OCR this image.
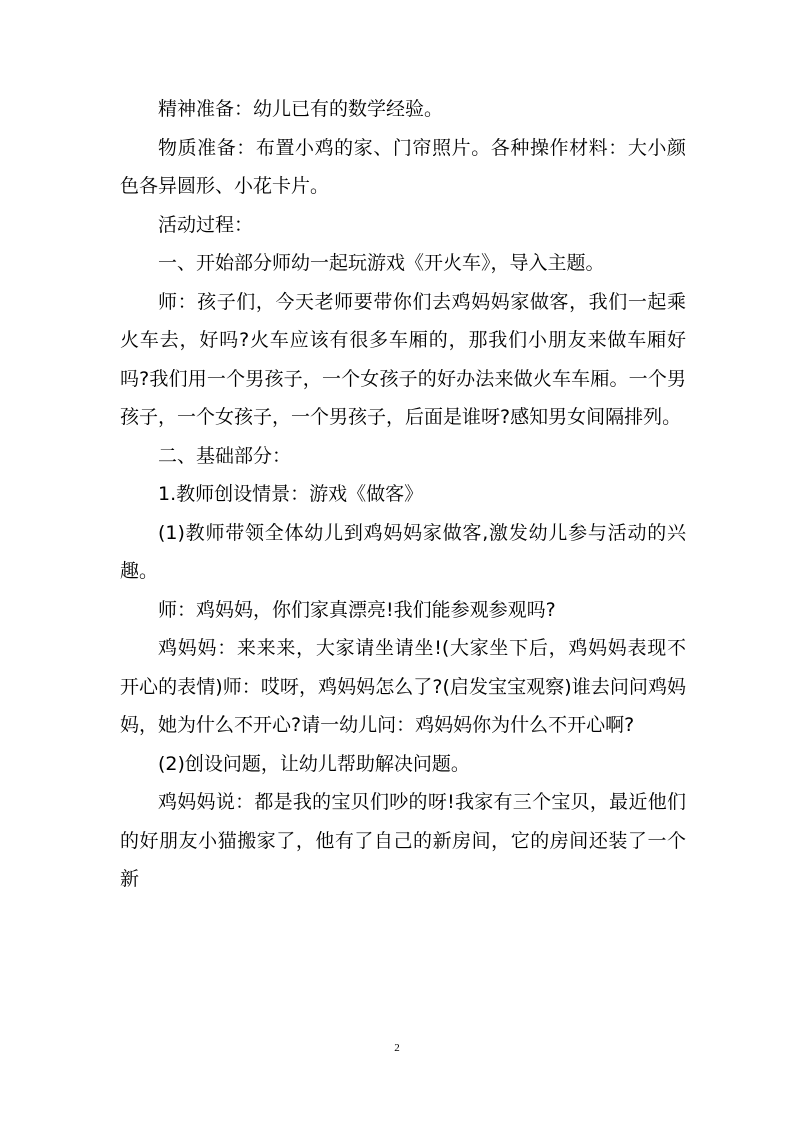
精神准备：幼儿已有的数学经验。

物质准备：布置小鸡的家、门帘照片。各种操作材料：大小颜色各异圆形、小花卡片。

活动过程：

一、开始部分师幼一起玩游戏《开火车》，导入主题。

师：孩子们，今天老师要带你们去鸡妈妈家做客，我们一起乘火车去，好吗?火车应该有很多车厢的，那我们小朋友来做车厢好吗?我们用一个男孩子，一个女孩子的好办法来做火车车厢。一个男孩子，一个女孩子，一个男孩子，后面是谁呀?感知男女间隔排列。

二、基础部分：

1.教师创设情景：游戏《做客》

(1)教师带领全体幼儿到鸡妈妈家做客,激发幼儿参与活动的兴趣。

师：鸡妈妈，你们家真漂亮!我们能参观参观吗?

鸡妈妈：来来来，大家请坐请坐!(大家坐下后，鸡妈妈表现不开心的表情)师：哎呀，鸡妈妈怎么了?(启发宝宝观察)谁去问问鸡妈妈，她为什么不开心?请一幼儿问：鸡妈妈你为什么不开心啊?

(2)创设问题，让幼儿帮助解决问题。

鸡妈妈说：都是我的宝贝们吵的呀!我家有三个宝贝，最近他们的好朋友小猫搬家了，他有了自己的新房间，它的房间还装了一个新

2
